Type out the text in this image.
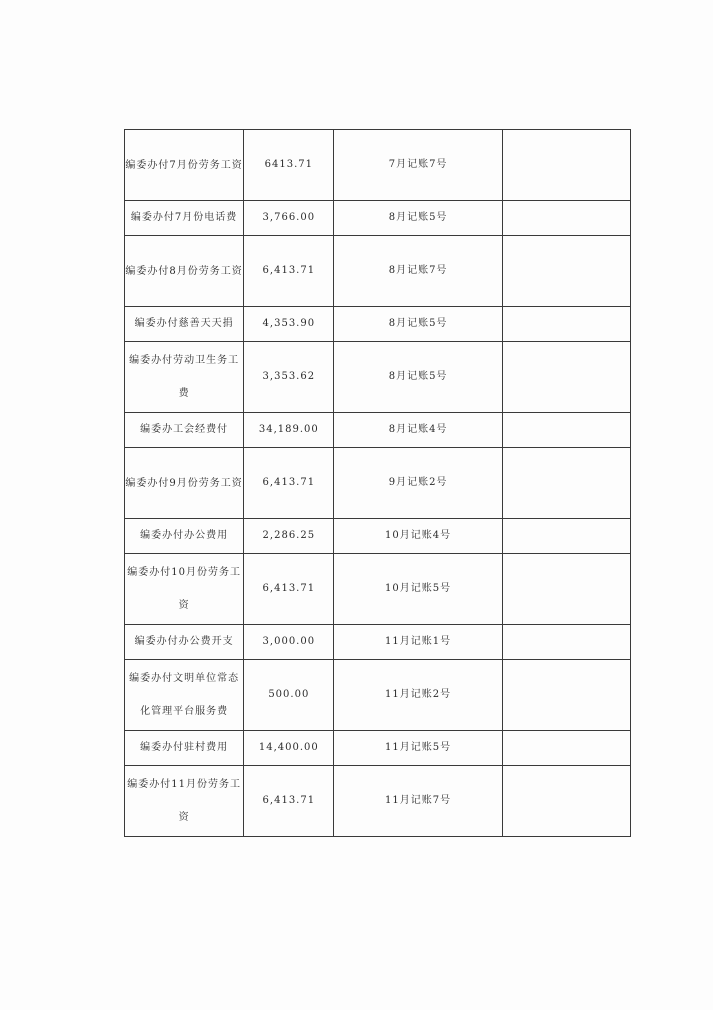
编委办付7月份劳务工资	6413.71	7月记账7号	

编委办付7月份电话费	3,766.00	8月记账5号	

编委办付8月份劳务工资	6,413.71	8月记账7号	

编委办付慈善天天捐	4,353.90	8月记账5号	

编委办付劳动卫生务工费	3,353.62	8月记账5号	

编委办工会经费付	34,189.00	8月记账4号	

编委办付9月份劳务工资	6,413.71	9月记账2号	

编委办付办公费用	2,286.25	10月记账4号	

编委办付10月份劳务工资	6,413.71	10月记账5号	

编委办付办公费开支	3,000.00	11月记账1号	

编委办付文明单位常态化管理平台服务费	500.00	11月记账2号	

编委办付驻村费用	14,400.00	11月记账5号	

编委办付11月份劳务工资	6,413.71	11月记账7号	
